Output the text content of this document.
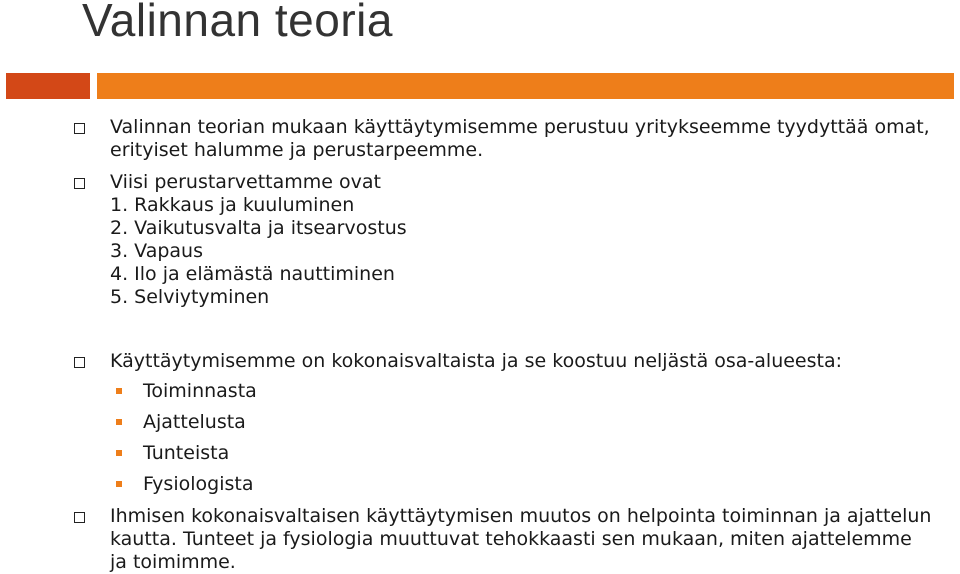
Valinnan teoria
Valinnan teorian mukaan käyttäytymisemme perustuu yritykseemme tyydyttää omat,
erityiset halumme ja perustarpeemme.
Viisi perustarvettamme ovat
1. Rakkaus ja kuuluminen
2. Vaikutusvalta ja itsearvostus
3. Vapaus
4. Ilo ja elämästä nauttiminen
5. Selviytyminen
Käyttäytymisemme on kokonaisvaltaista ja se koostuu neljästä osa-alueesta:
Toiminnasta
Ajattelusta
Tunteista
Fysiologista
Ihmisen kokonaisvaltaisen käyttäytymisen muutos on helpointa toiminnan ja ajattelun
kautta. Tunteet ja fysiologia muuttuvat tehokkaasti sen mukaan, miten ajattelemme
ja toimimme.
